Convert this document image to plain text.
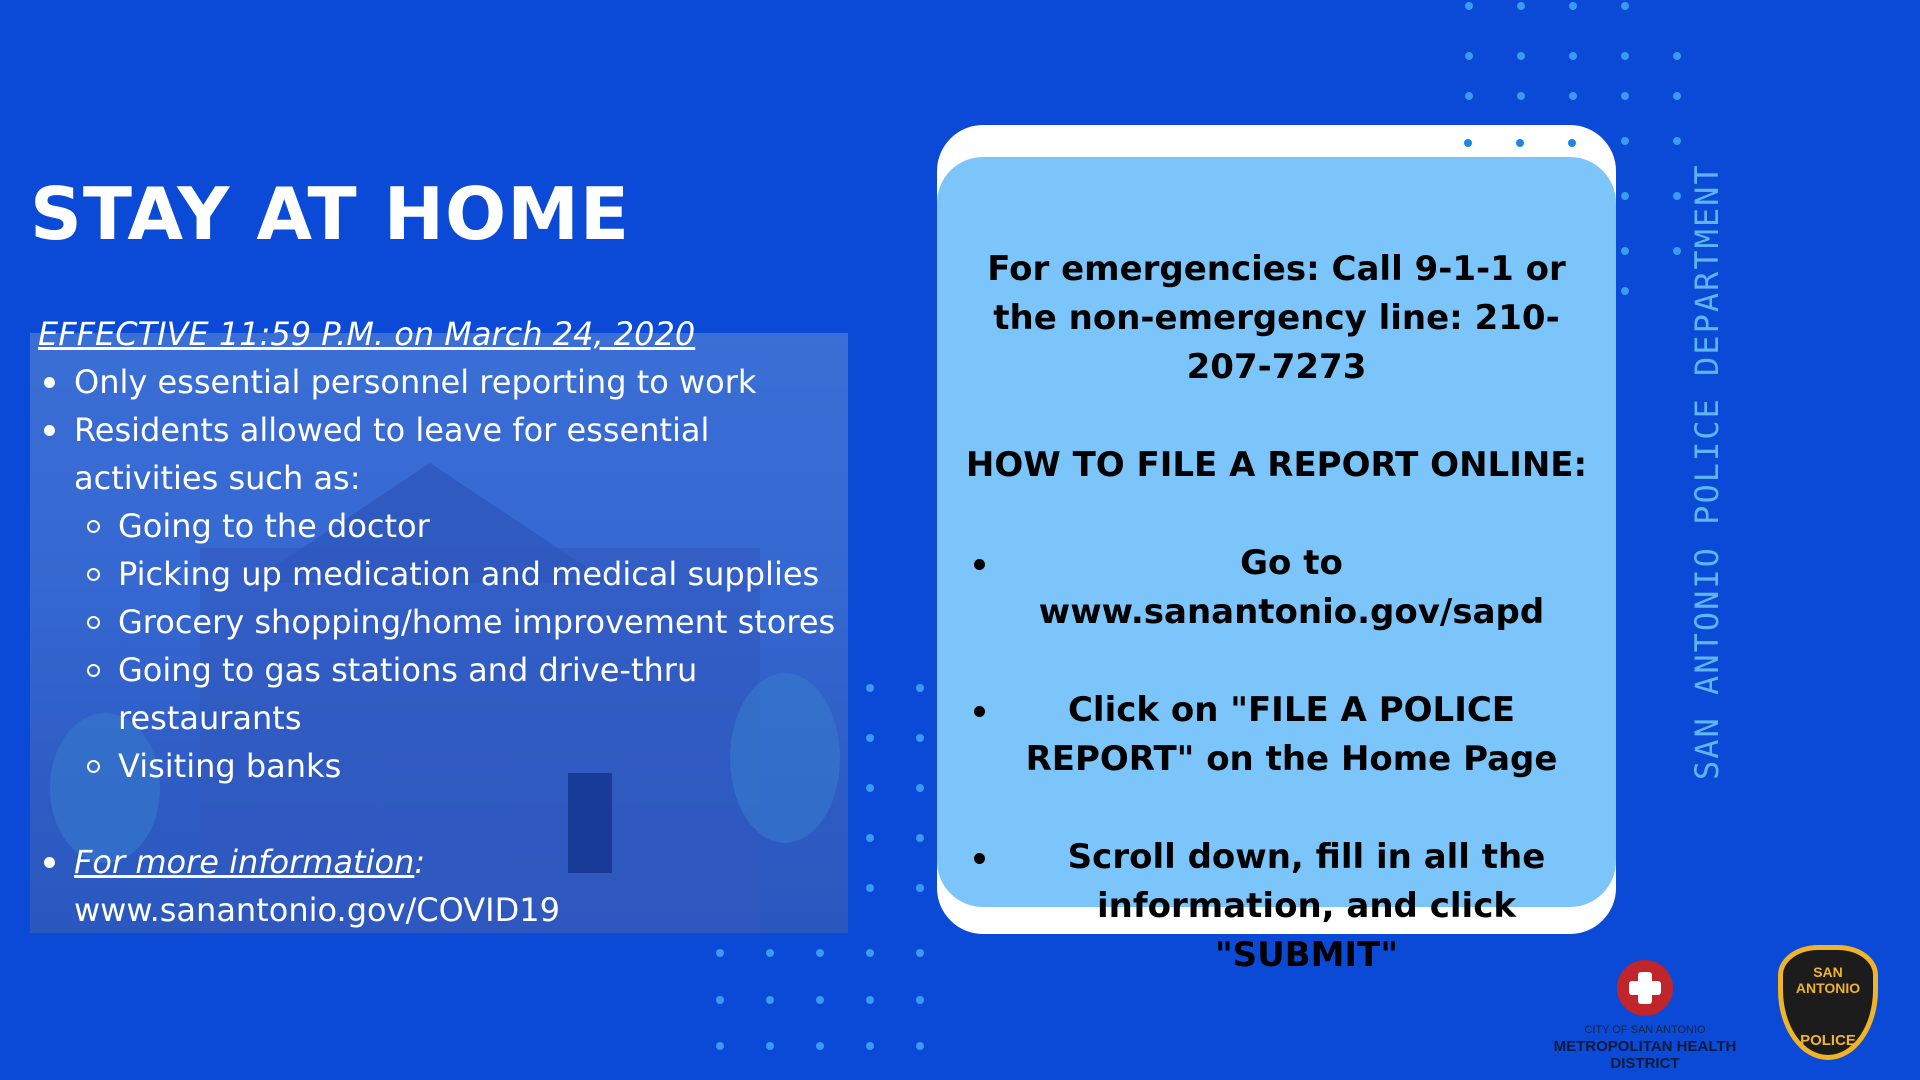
STAY AT HOME
EFFECTIVE 11:59 P.M. on March 24, 2020
Only essential personnel reporting to work
Residents allowed to leave for essential activities such as:
Going to the doctor
Picking up medication and medical supplies
Grocery shopping/home improvement stores
Going to gas stations and drive-thru restaurants
Visiting banks
For more information:
www.sanantonio.gov/COVID19
For emergencies: Call 9-1-1 or the non-emergency line: 210-207-7273
HOW TO FILE A REPORT ONLINE:
Go to www.sanantonio.gov/sapd
Click on "FILE A POLICE REPORT" on the Home Page
Scroll down, fill in all the information, and click "SUBMIT"
SAN ANTONIO POLICE DEPARTMENT
CITY OF SAN ANTONIO
METROPOLITAN HEALTH DISTRICT
SAN ANTONIO
POLICE
